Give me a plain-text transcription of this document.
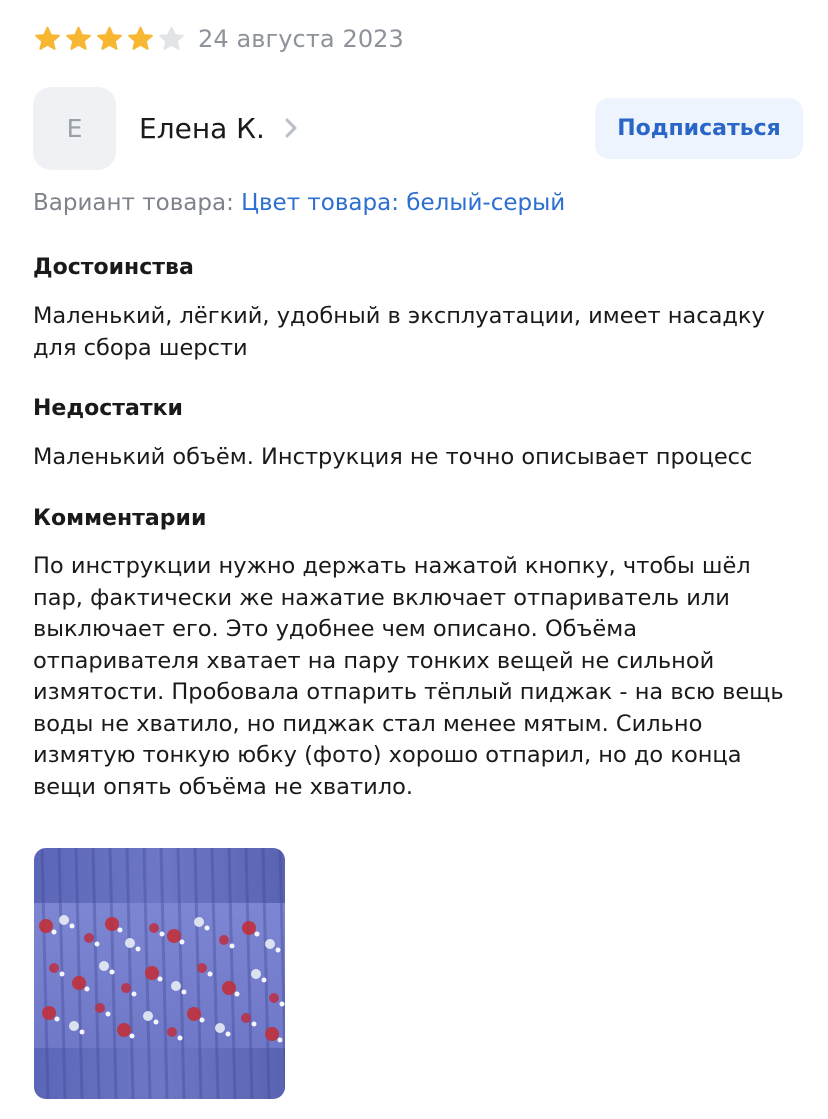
24 августа 2023
Е	Елена К.	Подписаться
Вариант товара: Цвет товара: белый-серый
Достоинства
Маленький, лёгкий, удобный в эксплуатации, имеет насадку для сбора шерсти
Недостатки
Маленький объём. Инструкция не точно описывает процесс
Комментарии
По инструкции нужно держать нажатой кнопку, чтобы шёл пар, фактически же нажатие включает отпариватель или выключает его. Это удобнее чем описано. Объёма отпаривателя хватает на пару тонких вещей не сильной измятости. Пробовала отпарить тёплый пиджак - на всю вещь воды не хватило, но пиджак стал менее мятым. Сильно измятую тонкую юбку (фото) хорошо отпарил, но до конца вещи опять объёма не хватило.
